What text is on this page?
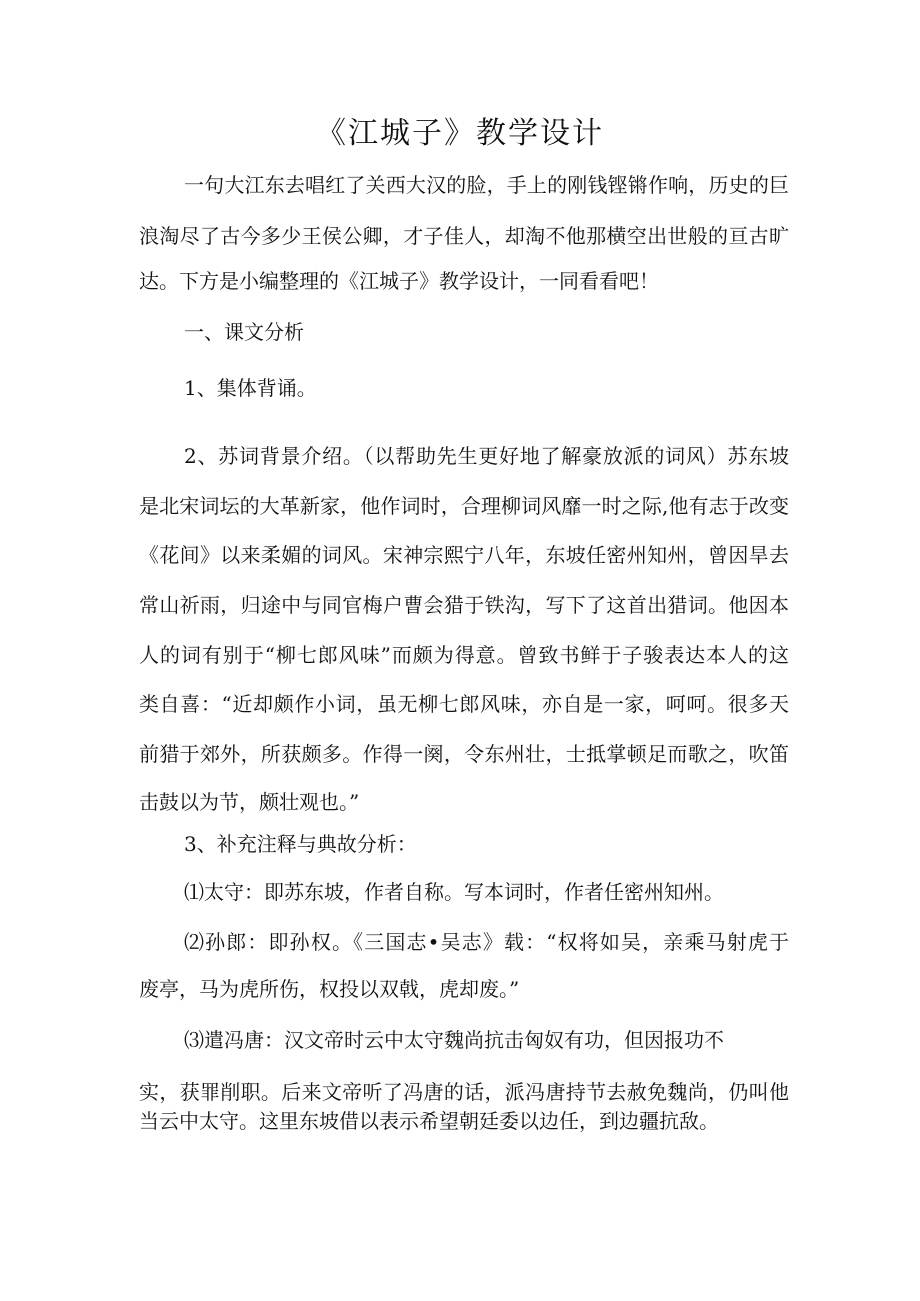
《江城子》教学设计
一句大江东去唱红了关西大汉的脸，手上的刚钱铿锵作响，历史的巨
浪淘尽了古今多少王侯公卿，才子佳人，却淘不他那横空出世般的亘古旷
达。下方是小编整理的《江城子》教学设计，一同看看吧！
一、课文分析
1、集体背诵。
2、苏词背景介绍。（以帮助先生更好地了解豪放派的词风）苏东坡
是北宋词坛的大革新家，他作词时，合理柳词风靡一时之际,他有志于改变
《花间》以来柔媚的词风。宋神宗熙宁八年，东坡任密州知州，曾因旱去
常山祈雨，归途中与同官梅户曹会猎于铁沟，写下了这首出猎词。他因本
人的词有别于“柳七郎风味”而颇为得意。曾致书鲜于子骏表达本人的这
类自喜：“近却颇作小词，虽无柳七郎风味，亦自是一家，呵呵。很多天
前猎于郊外，所获颇多。作得一阕，令东州壮，士抵掌顿足而歌之，吹笛
击鼓以为节，颇壮观也。”
3、补充注释与典故分析：
⑴太守：即苏东坡，作者自称。写本词时，作者任密州知州。
⑵孙郎：即孙权。《三国志•吴志》载：“权将如吴，亲乘马射虎于
废亭，马为虎所伤，权投以双戟，虎却废。”
⑶遣冯唐：汉文帝时云中太守魏尚抗击匈奴有功，但因报功不
实，获罪削职。后来文帝听了冯唐的话，派冯唐持节去赦免魏尚，仍叫他
当云中太守。这里东坡借以表示希望朝廷委以边任，到边疆抗敌。
